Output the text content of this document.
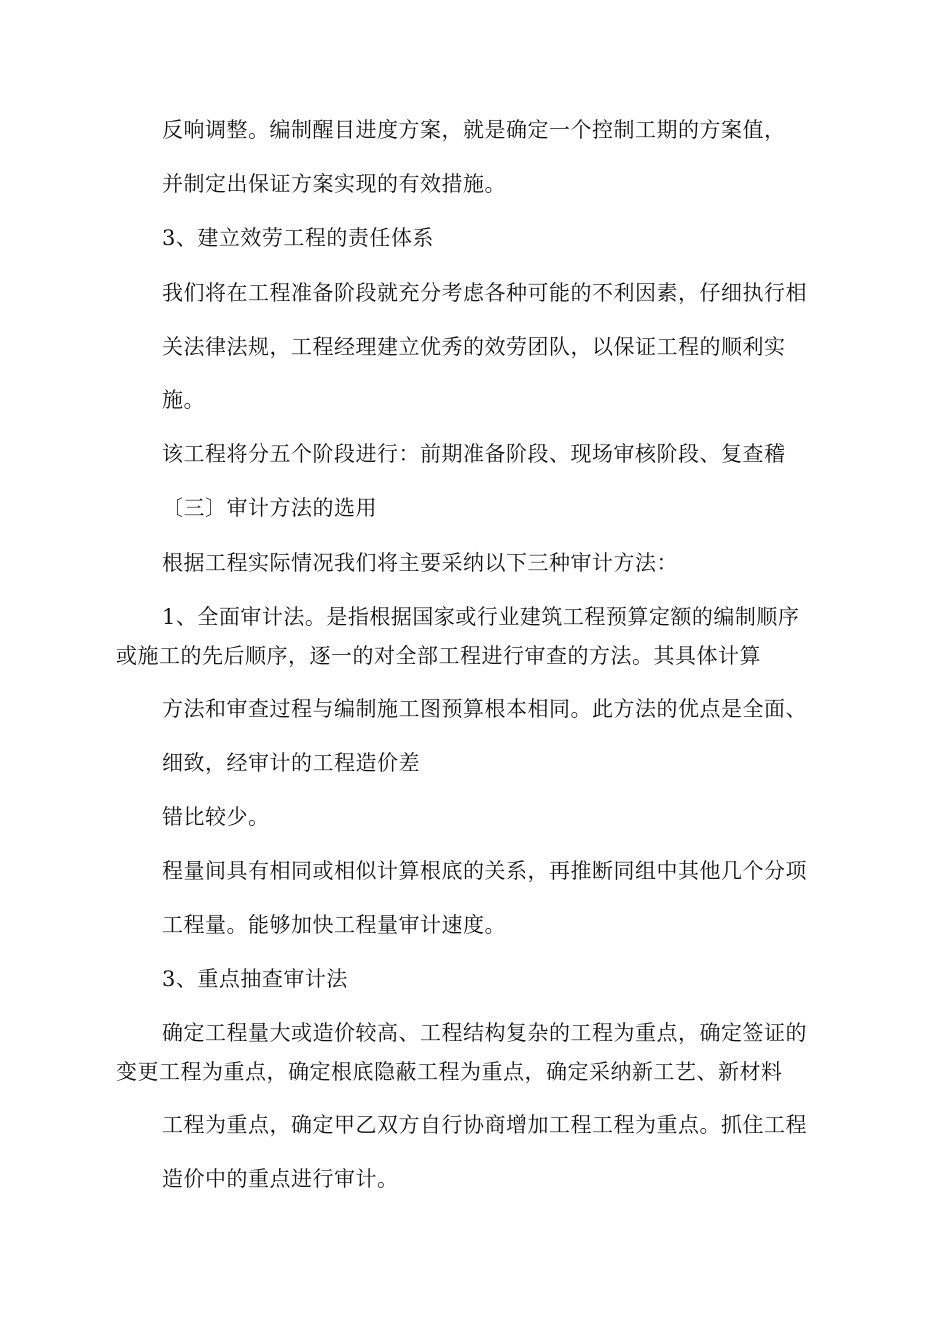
反响调整。编制醒目进度方案，就是确定一个控制工期的方案值，
并制定出保证方案实现的有效措施。
3、建立效劳工程的责任体系
我们将在工程准备阶段就充分考虑各种可能的不利因素，仔细执行相
关法律法规，工程经理建立优秀的效劳团队，以保证工程的顺利实
施。
该工程将分五个阶段进行：前期准备阶段、现场审核阶段、复查稽
〔三〕审计方法的选用
根据工程实际情况我们将主要采纳以下三种审计方法：
1、全面审计法。是指根据国家或行业建筑工程预算定额的编制顺序
或施工的先后顺序，逐一的对全部工程进行审查的方法。其具体计算
方法和审查过程与编制施工图预算根本相同。此方法的优点是全面、
细致，经审计的工程造价差
错比较少。
程量间具有相同或相似计算根底的关系，再推断同组中其他几个分项
工程量。能够加快工程量审计速度。
3、重点抽查审计法
确定工程量大或造价较高、工程结构复杂的工程为重点，确定签证的
变更工程为重点，确定根底隐蔽工程为重点，确定采纳新工艺、新材料
工程为重点，确定甲乙双方自行协商增加工程工程为重点。抓住工程
造价中的重点进行审计。
